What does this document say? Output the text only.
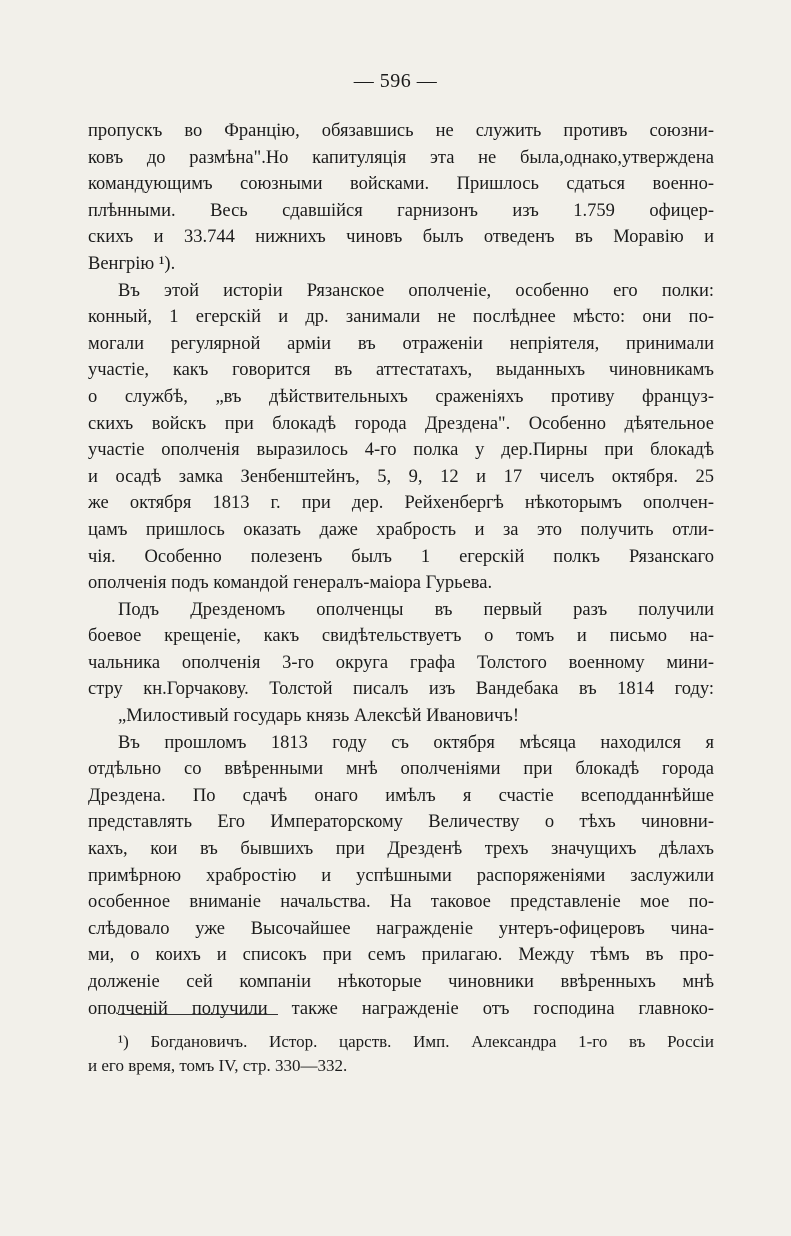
— 596 —
пропускъ во Францію, обязавшись не служить противъ союзни-
ковъ до размѣна".Но капитуляція эта не была,однако,утверждена
командующимъ союзными войсками. Пришлось сдаться военно-
плѣнными. Весь сдавшійся гарнизонъ изъ 1.759 офицер-
скихъ и 33.744 нижнихъ чиновъ былъ отведенъ въ Моравію и
Венгрію ¹).
Въ этой исторіи Рязанское ополченіе, особенно его полки:
конный, 1 егерскій и др. занимали не послѣднее мѣсто: они по-
могали регулярной арміи въ отраженіи непріятеля, принимали
участіе, какъ говорится въ аттестатахъ, выданныхъ чиновникамъ
о службѣ, „въ дѣйствительныхъ сраженіяхъ противу француз-
скихъ войскъ при блокадѣ города Дрездена". Особенно дѣятельное
участіе ополченія выразилось 4-го полка у дер.Пирны при блокадѣ
и осадѣ замка Зенбенштейнъ, 5, 9, 12 и 17 чиселъ октября. 25
же октября 1813 г. при дер. Рейхенбергѣ нѣкоторымъ ополчен-
цамъ пришлось оказать даже храбрость и за это получить отли-
чія. Особенно полезенъ былъ 1 егерскій полкъ Рязанскаго
ополченія подъ командой генералъ-маіора Гурьева.
Подъ Дрезденомъ ополченцы въ первый разъ получили
боевое крещеніе, какъ свидѣтельствуетъ о томъ и письмо на-
чальника ополченія 3-го округа графа Толстого военному мини-
стру кн.Горчакову. Толстой писалъ изъ Вандебака въ 1814 году:
„Милостивый государь князь Алексѣй Ивановичъ!
Въ прошломъ 1813 году съ октября мѣсяца находился я
отдѣльно со ввѣренными мнѣ ополченіями при блокадѣ города
Дрездена. По сдачѣ онаго имѣлъ я счастіе всеподданнѣйше
представлять Его Императорскому Величеству о тѣхъ чиновни-
кахъ, кои въ бывшихъ при Дрезденѣ трехъ значущихъ дѣлахъ
примѣрною храбростію и успѣшными распоряженіями заслужили
особенное вниманіе начальства. На таковое представленіе мое по-
слѣдовало уже Высочайшее награжденіе унтеръ-офицеровъ чина-
ми, о коихъ и списокъ при семъ прилагаю. Между тѣмъ въ про-
долженіе сей компаніи нѣкоторые чиновники ввѣренныхъ мнѣ
ополченій получили также награжденіе отъ господина главноко-
¹) Богдановичъ. Истор. царств. Имп. Александра 1-го въ Россіи
и его время, томъ IV, стр. 330—332.
